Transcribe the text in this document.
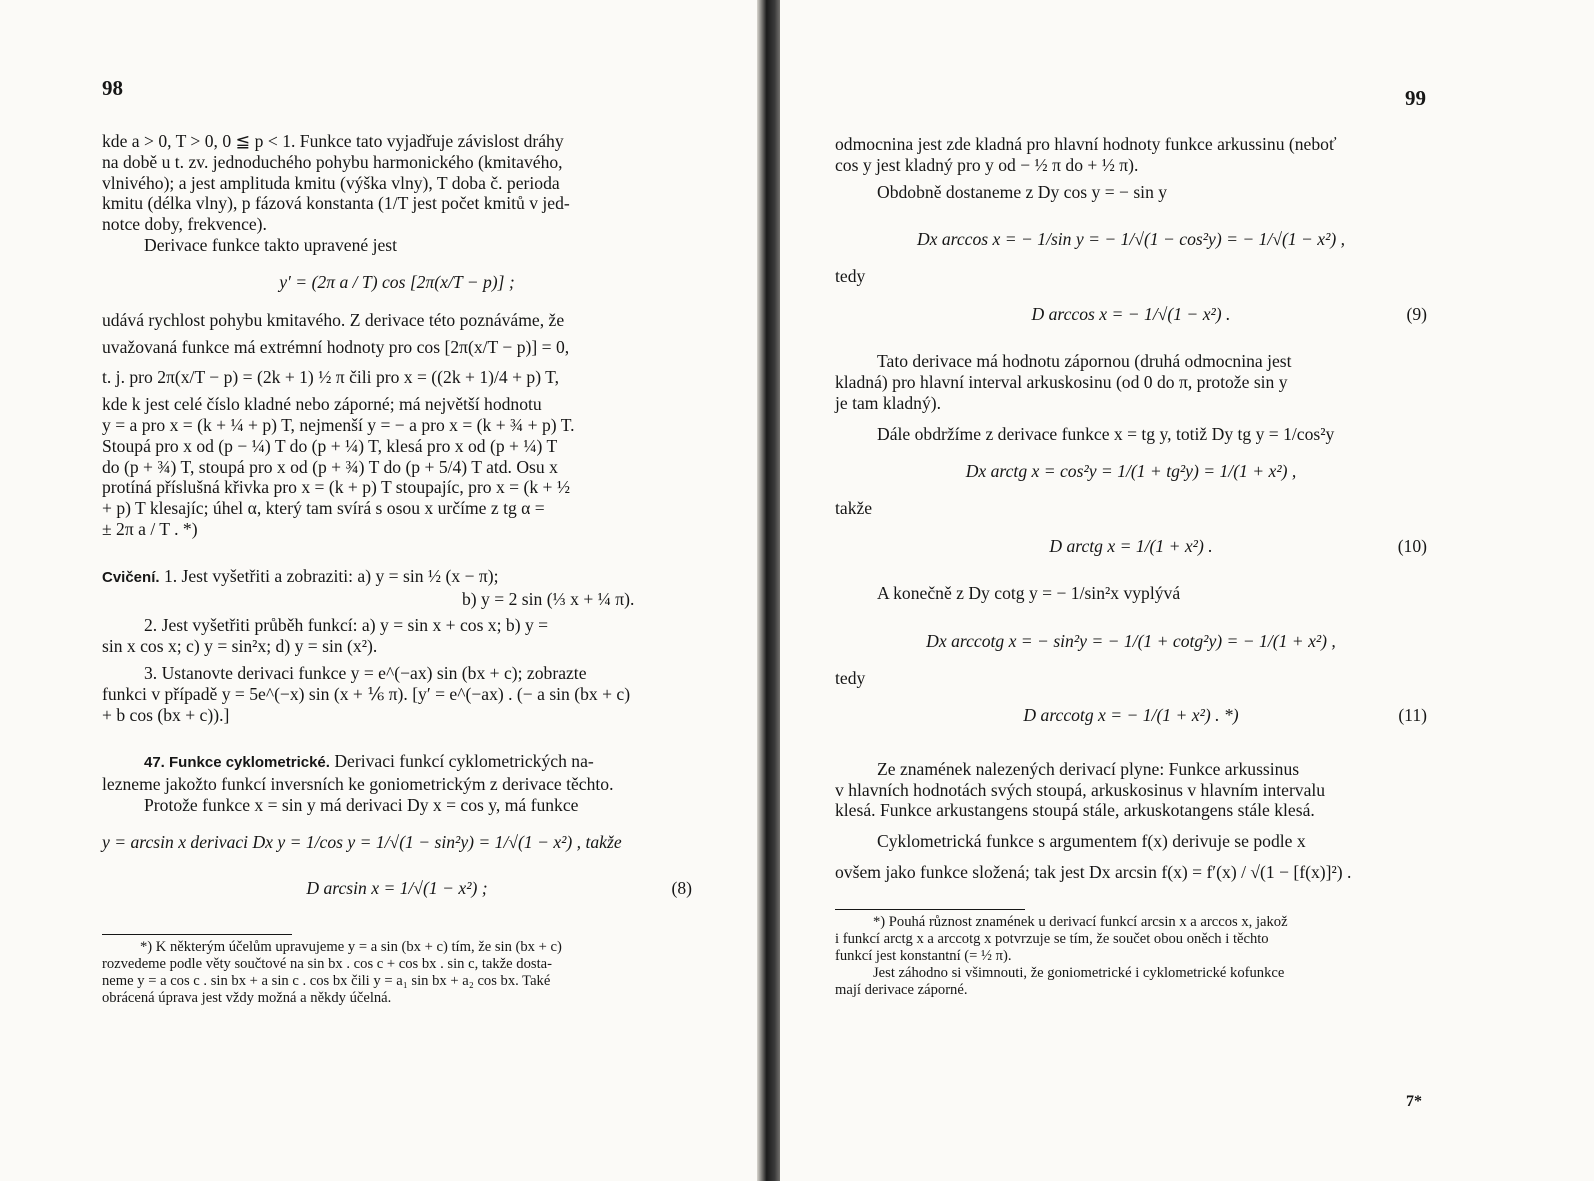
98

kde a > 0, T > 0, 0 ≦ p < 1. Funkce tato vyjadřuje závislost dráhy

na době u t. zv. jednoduchého pohybu harmonického (kmitavého,

vlnivého); a jest amplituda kmitu (výška vlny), T doba č. perioda

kmitu (délka vlny), p fázová konstanta (1/T jest počet kmitů v jed-

notce doby, frekvence).

Derivace funkce takto upravené jest

y′ = (2π a / T) cos [2π(x/T − p)] ;

udává rychlost pohybu kmitavého. Z derivace této poznáváme, že

uvažovaná funkce má extrémní hodnoty pro cos [2π(x/T − p)] = 0,

t. j. pro 2π(x/T − p) = (2k + 1) ½ π čili pro x = ((2k + 1)/4 + p) T,

kde k jest celé číslo kladné nebo záporné; má největší hodnotu

y = a pro x = (k + ¼ + p) T, nejmenší y = − a pro x = (k + ¾ + p) T.

Stoupá pro x od (p − ¼) T do (p + ¼) T, klesá pro x od (p + ¼) T

do (p + ¾) T, stoupá pro x od (p + ¾) T do (p + 5/4) T atd. Osu x

protíná příslušná křivka pro x = (k + p) T stoupajíc, pro x = (k + ½

+ p) T klesajíc; úhel α, který tam svírá s osou x určíme z tg α =

± 2π a / T . *)

Cvičení. 1. Jest vyšetřiti a zobraziti: a) y = sin ½ (x − π);

b) y = 2 sin (⅓ x + ¼ π).

2. Jest vyšetřiti průběh funkcí: a) y = sin x + cos x; b) y =

sin x cos x; c) y = sin²x; d) y = sin (x²).

3. Ustanovte derivaci funkce y = e^(−ax) sin (bx + c); zobrazte

funkci v případě y = 5e^(−x) sin (x + ⅙ π). [y′ = e^(−ax) . (− a sin (bx + c)

+ b cos (bx + c)).]

47. Funkce cyklometrické. Derivaci funkcí cyklometrických na-

lezneme jakožto funkcí inversních ke goniometrickým z derivace těchto.

Protože funkce x = sin y má derivaci Dy x = cos y, má funkce

y = arcsin x derivaci Dx y = 1/cos y = 1/√(1 − sin²y) = 1/√(1 − x²) , takže
D arcsin x = 1/√(1 − x²) ;	(8)

*) K některým účelům upravujeme y = a sin (bx + c) tím, že sin (bx + c)

rozvedeme podle věty součtové na sin bx . cos c + cos bx . sin c, takže dosta-

neme y = a cos c . sin bx + a sin c . cos bx čili y = a₁ sin bx + a₂ cos bx. Také

obrácená úprava jest vždy možná a někdy účelná.

99

odmocnina jest zde kladná pro hlavní hodnoty funkce arkussinu (neboť

cos y jest kladný pro y od − ½ π do + ½ π).

Obdobně dostaneme z Dy cos y = − sin y

Dx arccos x = − 1/sin y = − 1/√(1 − cos²y) = − 1/√(1 − x²) ,

tedy

D arccos x = − 1/√(1 − x²) .	(9)

Tato derivace má hodnotu zápornou (druhá odmocnina jest

kladná) pro hlavní interval arkuskosinu (od 0 do π, protože sin y

je tam kladný).

Dále obdržíme z derivace funkce x = tg y, totiž Dy tg y = 1/cos²y

Dx arctg x = cos²y = 1/(1 + tg²y) = 1/(1 + x²) ,

takže

D arctg x = 1/(1 + x²) .	(10)

A konečně z Dy cotg y = − 1/sin²x vyplývá

Dx arccotg x = − sin²y = − 1/(1 + cotg²y) = − 1/(1 + x²) ,

tedy

D arccotg x = − 1/(1 + x²) . *)	(11)

Ze znamének nalezených derivací plyne: Funkce arkussinus

v hlavních hodnotách svých stoupá, arkuskosinus v hlavním intervalu

klesá. Funkce arkustangens stoupá stále, arkuskotangens stále klesá.

Cyklometrická funkce s argumentem f(x) derivuje se podle x

ovšem jako funkce složená; tak jest Dx arcsin f(x) = f′(x) / √(1 − [f(x)]²) .

*) Pouhá různost znamének u derivací funkcí arcsin x a arccos x, jakož

i funkcí arctg x a arccotg x potvrzuje se tím, že součet obou oněch i těchto

funkcí jest konstantní (= ½ π).

Jest záhodno si všimnouti, že goniometrické i cyklometrické kofunkce

mají derivace záporné.

7*
